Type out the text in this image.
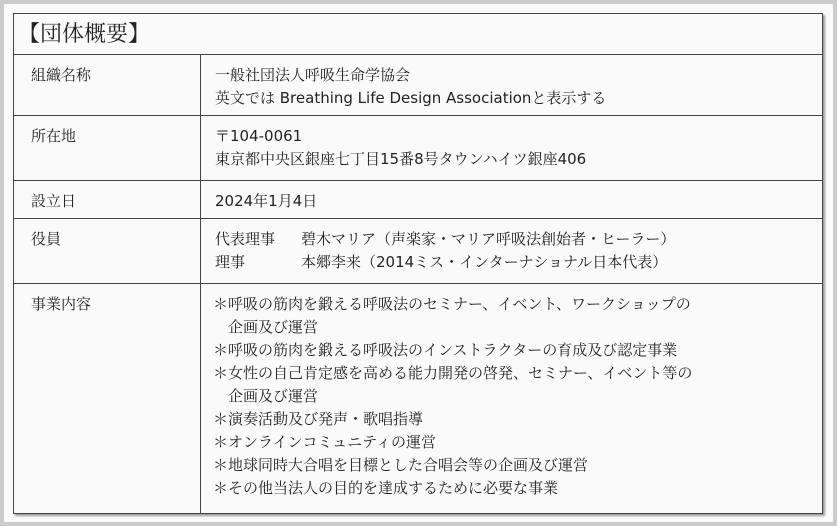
【団体概要】
組織名称	一般社団法人呼吸生命学協会
英文では Breathing Life Design Associationと表示する
所在地	〒104-0061
東京都中央区銀座七丁目15番8号タウンハイツ銀座406
設立日	2024年1月4日
役員	代表理事	碧木マリア（声楽家・マリア呼吸法創始者・ヒーラー）
理事	本郷李来（2014ミス・インターナショナル日本代表）
事業内容	＊呼吸の筋肉を鍛える呼吸法のセミナー、イベント、ワークショップの
　企画及び運営
＊呼吸の筋肉を鍛える呼吸法のインストラクターの育成及び認定事業
＊女性の自己肯定感を高める能力開発の啓発、セミナー、イベント等の
　企画及び運営
＊演奏活動及び発声・歌唱指導
＊オンラインコミュニティの運営
＊地球同時大合唱を目標とした合唱会等の企画及び運営
＊その他当法人の目的を達成するために必要な事業
